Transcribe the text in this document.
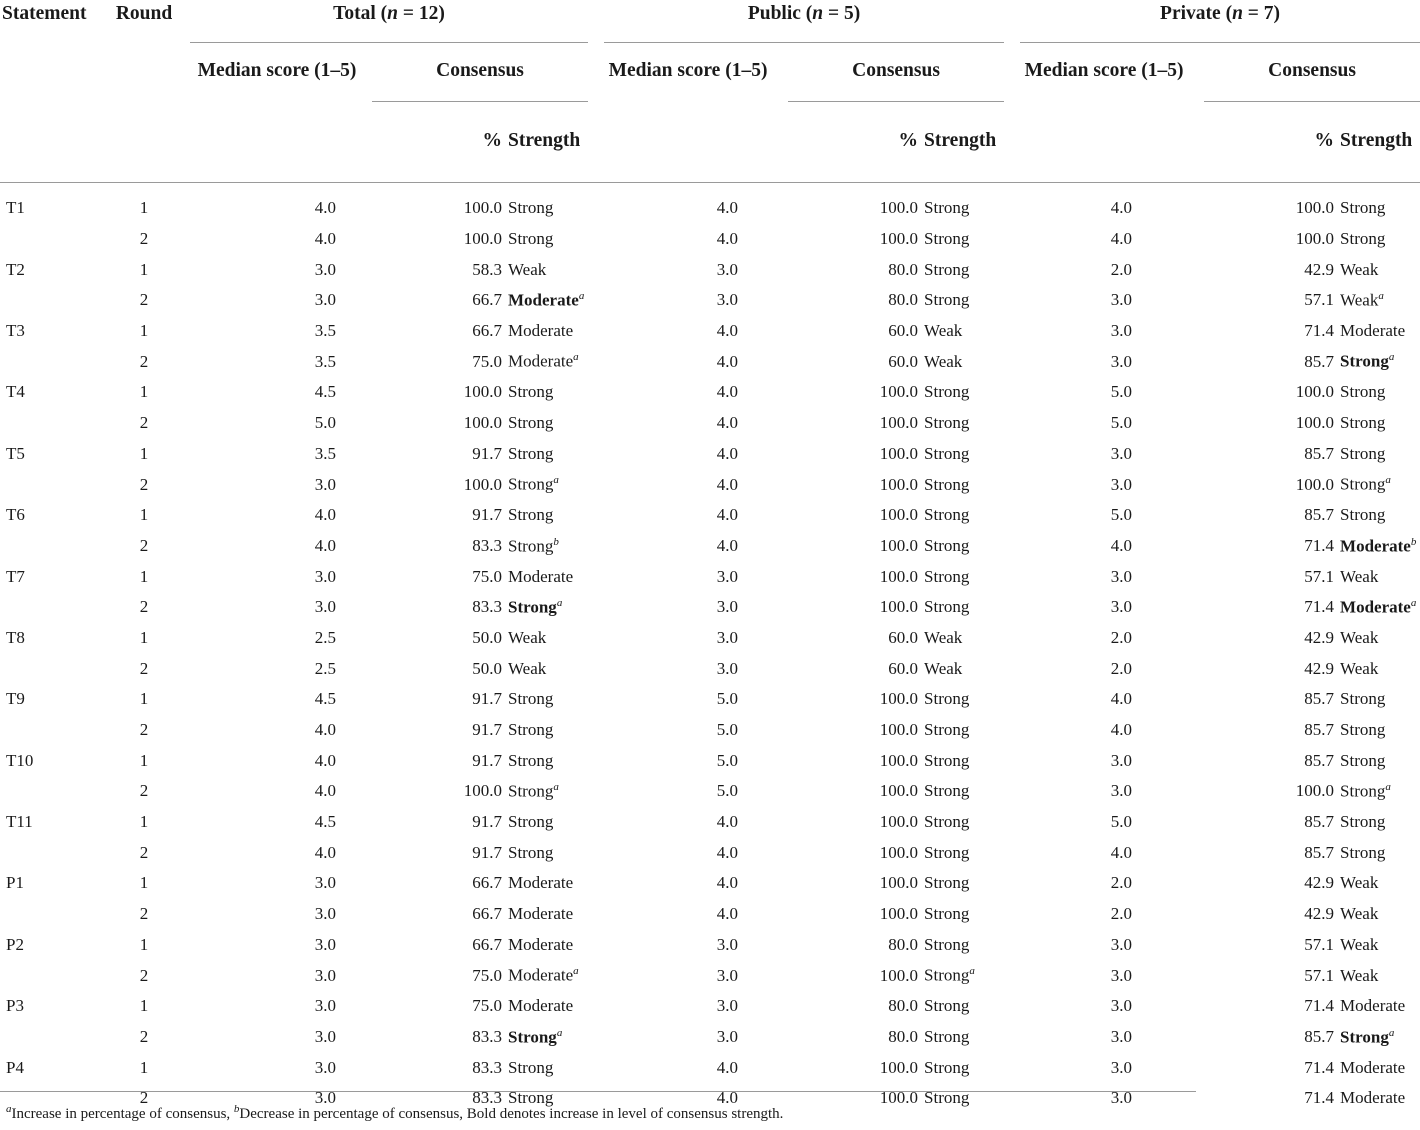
Statement	Round	Total (n = 12)			Public (n = 5)			Private (n = 7)		

		Median score (1–5)	Consensus		Median score (1–5)	Consensus		Median score (1–5)	Consensus	

			%	Strength		%	Strength		%	Strength

T1	1	4.0	100.0	Strong	4.0	100.0	Strong	4.0	100.0	Strong
	2	4.0	100.0	Strong	4.0	100.0	Strong	4.0	100.0	Strong
T2	1	3.0	58.3	Weak	3.0	80.0	Strong	2.0	42.9	Weak
	2	3.0	66.7	Moderate$^a$	3.0	80.0	Strong	3.0	57.1	Weak$^a$
T3	1	3.5	66.7	Moderate	4.0	60.0	Weak	3.0	71.4	Moderate
	2	3.5	75.0	Moderate$^a$	4.0	60.0	Weak	3.0	85.7	Strong$^a$
T4	1	4.5	100.0	Strong	4.0	100.0	Strong	5.0	100.0	Strong
	2	5.0	100.0	Strong	4.0	100.0	Strong	5.0	100.0	Strong
T5	1	3.5	91.7	Strong	4.0	100.0	Strong	3.0	85.7	Strong
	2	3.0	100.0	Strong$^a$	4.0	100.0	Strong	3.0	100.0	Strong$^a$
T6	1	4.0	91.7	Strong	4.0	100.0	Strong	5.0	85.7	Strong
	2	4.0	83.3	Strong$^b$	4.0	100.0	Strong	4.0	71.4	Moderate$^b$
T7	1	3.0	75.0	Moderate	3.0	100.0	Strong	3.0	57.1	Weak
	2	3.0	83.3	Strong$^a$	3.0	100.0	Strong	3.0	71.4	Moderate$^a$
T8	1	2.5	50.0	Weak	3.0	60.0	Weak	2.0	42.9	Weak
	2	2.5	50.0	Weak	3.0	60.0	Weak	2.0	42.9	Weak
T9	1	4.5	91.7	Strong	5.0	100.0	Strong	4.0	85.7	Strong
	2	4.0	91.7	Strong	5.0	100.0	Strong	4.0	85.7	Strong
T10	1	4.0	91.7	Strong	5.0	100.0	Strong	3.0	85.7	Strong
	2	4.0	100.0	Strong$^a$	5.0	100.0	Strong	3.0	100.0	Strong$^a$
T11	1	4.5	91.7	Strong	4.0	100.0	Strong	5.0	85.7	Strong
	2	4.0	91.7	Strong	4.0	100.0	Strong	4.0	85.7	Strong
P1	1	3.0	66.7	Moderate	4.0	100.0	Strong	2.0	42.9	Weak
	2	3.0	66.7	Moderate	4.0	100.0	Strong	2.0	42.9	Weak
P2	1	3.0	66.7	Moderate	3.0	80.0	Strong	3.0	57.1	Weak
	2	3.0	75.0	Moderate$^a$	3.0	100.0	Strong$^a$	3.0	57.1	Weak
P3	1	3.0	75.0	Moderate	3.0	80.0	Strong	3.0	71.4	Moderate
	2	3.0	83.3	Strong$^a$	3.0	80.0	Strong	3.0	85.7	Strong$^a$
P4	1	3.0	83.3	Strong	4.0	100.0	Strong	3.0	71.4	Moderate
	2	3.0	83.3	Strong	4.0	100.0	Strong	3.0	71.4	Moderate
$^a$Increase in percentage of consensus, $^b$Decrease in percentage of consensus, Bold denotes increase in level of consensus strength.
